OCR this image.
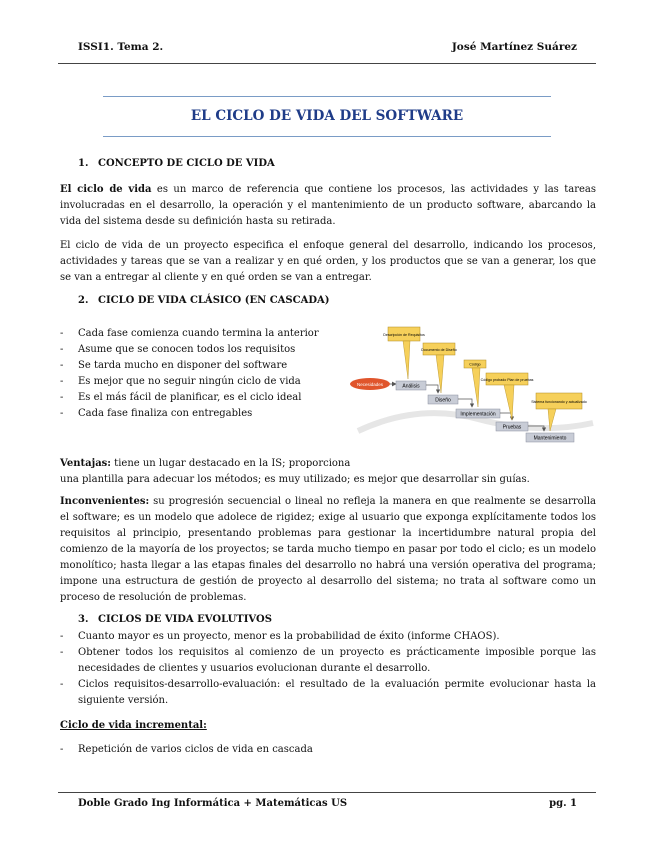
ISSI1. Tema 2.	José Martínez Suárez
EL CICLO DE VIDA DEL SOFTWARE
1. CONCEPTO DE CICLO DE VIDA

El ciclo de vida es un marco de referencia que contiene los procesos, las actividades y las tareas involucradas en el desarrollo, la operación y el mantenimiento de un producto software, abarcando la vida del sistema desde su definición hasta su retirada.

El ciclo de vida de un proyecto especifica el enfoque general del desarrollo, indicando los procesos, actividades y tareas que se van a realizar y en qué orden, y los productos que se van a generar, los que se van a entregar al cliente y en qué orden se van a entregar.

2. CICLO DE VIDA CLÁSICO (EN CASCADA)
- Cada fase comienza cuando termina la anterior
- Asume que se conocen todos los requisitos
- Se tarda mucho en disponer del software
- Es mejor que no seguir ningún ciclo de vida
- Es el más fácil de planificar, es el ciclo ideal
- Cada fase finaliza con entregables
Necesidades	Análisis
Diseño
Implementación
Pruebas
Mantenimiento
Descripción de Requisitos
Documento de Diseño
Código
Código probado Plan de pruebas
Sistema funcionando y actualizado

Ventajas: tiene un lugar destacado en la IS; proporciona
una plantilla para adecuar los métodos; es muy utilizado; es mejor que desarrollar sin guías.

Inconvenientes: su progresión secuencial o lineal no refleja la manera en que realmente se desarrolla el software; es un modelo que adolece de rigidez; exige al usuario que exponga explícitamente todos los requisitos al principio, presentando problemas para gestionar la incertidumbre natural propia del comienzo de la mayoría de los proyectos; se tarda mucho tiempo en pasar por todo el ciclo; es un modelo monolítico; hasta llegar a las etapas finales del desarrollo no habrá una versión operativa del programa; impone una estructura de gestión de proyecto al desarrollo del sistema; no trata al software como un proceso de resolución de problemas.

3. CICLOS DE VIDA EVOLUTIVOS
- Cuanto mayor es un proyecto, menor es la probabilidad de éxito (informe CHAOS).
- Obtener todos los requisitos al comienzo de un proyecto es prácticamente imposible porque las necesidades de clientes y usuarios evolucionan durante el desarrollo.
- Ciclos requisitos-desarrollo-evaluación: el resultado de la evaluación permite evolucionar hasta la siguiente versión.
Ciclo de vida incremental:
- Repetición de varios ciclos de vida en cascada
Doble Grado Ing Informática + Matemáticas US	pg. 1
